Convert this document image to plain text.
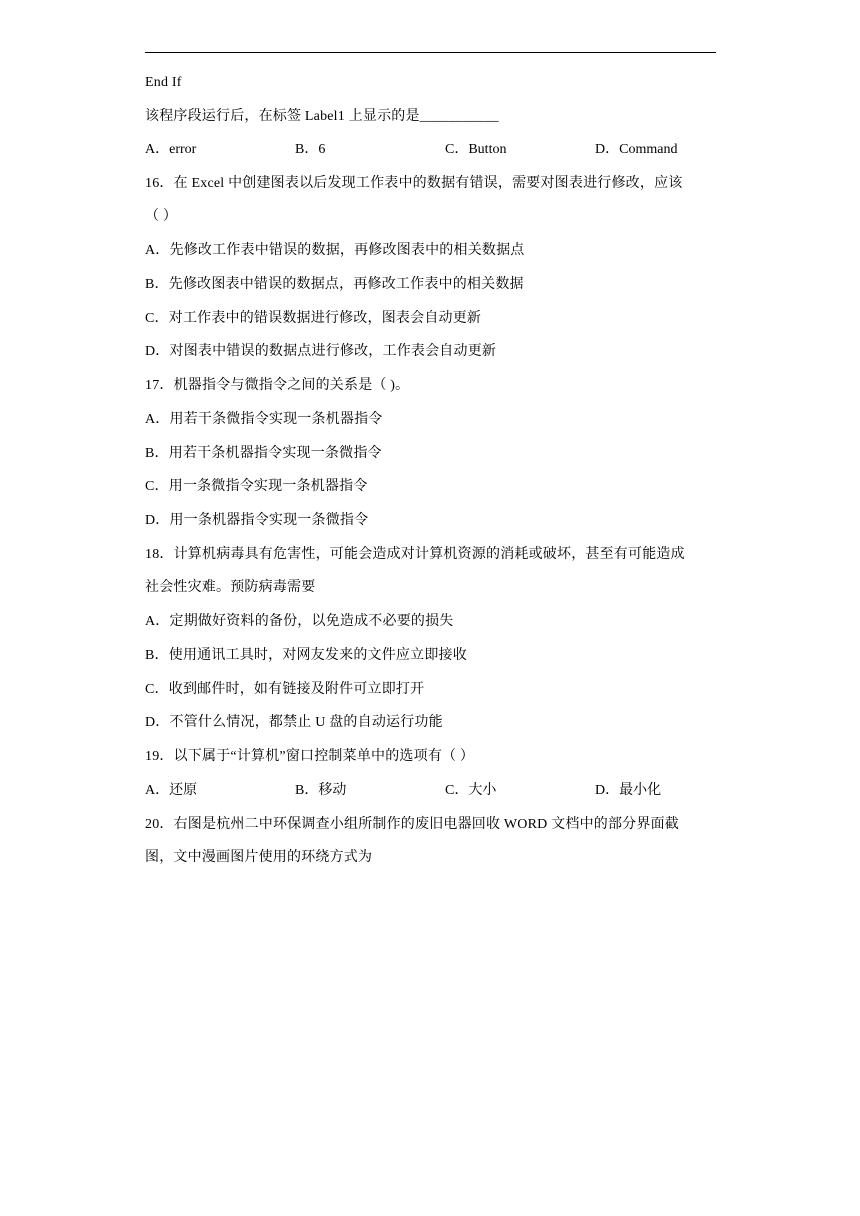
End If
该程序段运行后，在标签 Label1 上显示的是___________
A．error	B．6	C．Button	D．Command
16．在 Excel 中创建图表以后发现工作表中的数据有错误，需要对图表进行修改，应该
（ ）
A．先修改工作表中错误的数据，再修改图表中的相关数据点
B．先修改图表中错误的数据点，再修改工作表中的相关数据
C．对工作表中的错误数据进行修改，图表会自动更新
D．对图表中错误的数据点进行修改，工作表会自动更新
17．机器指令与微指令之间的关系是（ )。
A．用若干条微指令实现一条机器指令
B．用若干条机器指令实现一条微指令
C．用一条微指令实现一条机器指令
D．用一条机器指令实现一条微指令
18．计算机病毒具有危害性，可能会造成对计算机资源的消耗或破坏，甚至有可能造成
社会性灾难。预防病毒需要
A．定期做好资料的备份，以免造成不必要的损失
B．使用通讯工具时，对网友发来的文件应立即接收
C．收到邮件时，如有链接及附件可立即打开
D．不管什么情况，都禁止 U 盘的自动运行功能
19．以下属于“计算机”窗口控制菜单中的选项有（ ）
A．还原	B．移动	C．大小	D．最小化
20．右图是杭州二中环保调查小组所制作的废旧电器回收 WORD 文档中的部分界面截
图，文中漫画图片使用的环绕方式为
